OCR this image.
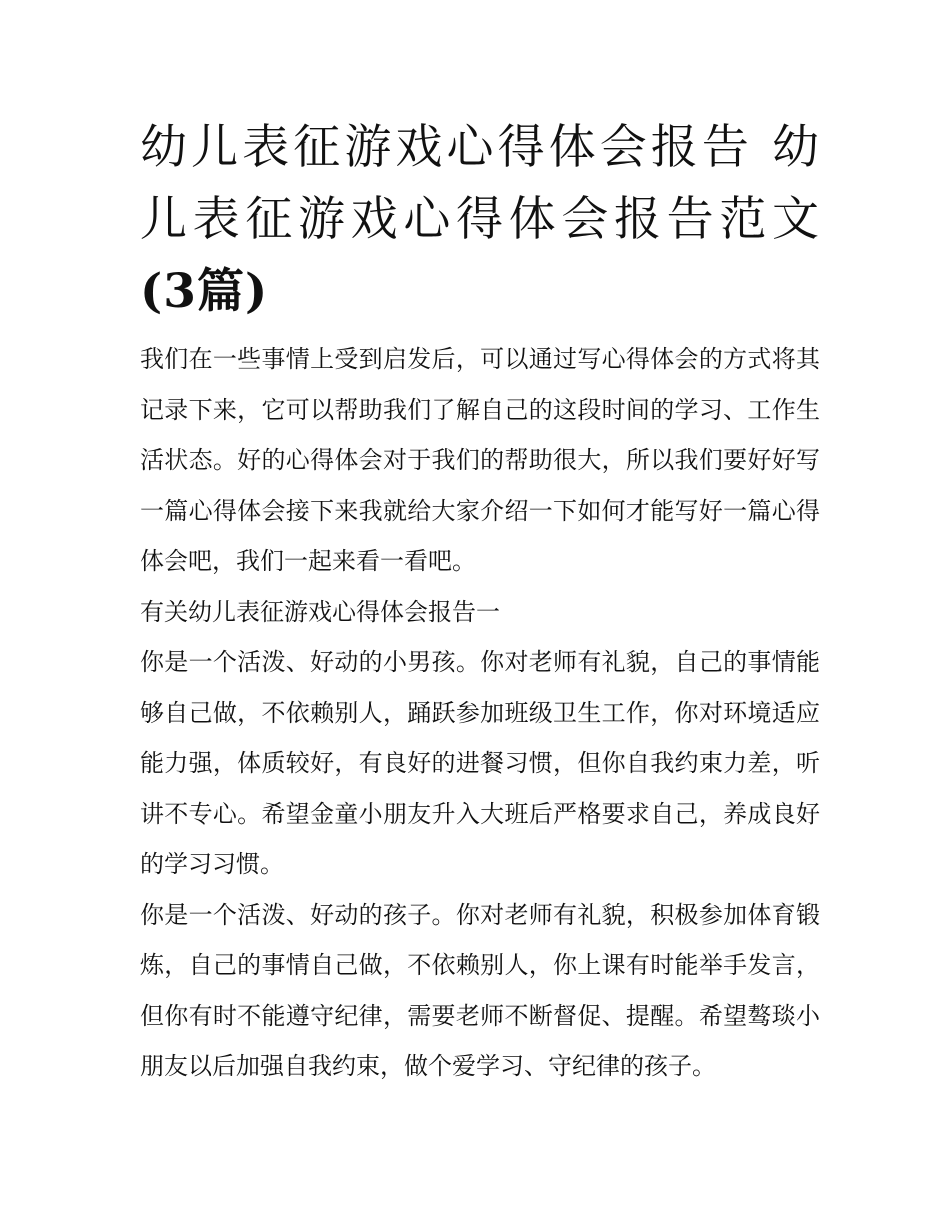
幼儿表征游戏心得体会报告 幼儿表征游戏心得体会报告范文(3篇)

我们在一些事情上受到启发后，可以通过写心得体会的方式将其记录下来，它可以帮助我们了解自己的这段时间的学习、工作生活状态。好的心得体会对于我们的帮助很大，所以我们要好好写一篇心得体会接下来我就给大家介绍一下如何才能写好一篇心得体会吧，我们一起来看一看吧。

有关幼儿表征游戏心得体会报告一

你是一个活泼、好动的小男孩。你对老师有礼貌，自己的事情能够自己做，不依赖别人，踊跃参加班级卫生工作，你对环境适应能力强，体质较好，有良好的进餐习惯，但你自我约束力差，听讲不专心。希望金童小朋友升入大班后严格要求自己，养成良好的学习习惯。

你是一个活泼、好动的孩子。你对老师有礼貌，积极参加体育锻炼，自己的事情自己做，不依赖别人，你上课有时能举手发言，但你有时不能遵守纪律，需要老师不断督促、提醒。希望骜琰小朋友以后加强自我约束，做个爱学习、守纪律的孩子。
